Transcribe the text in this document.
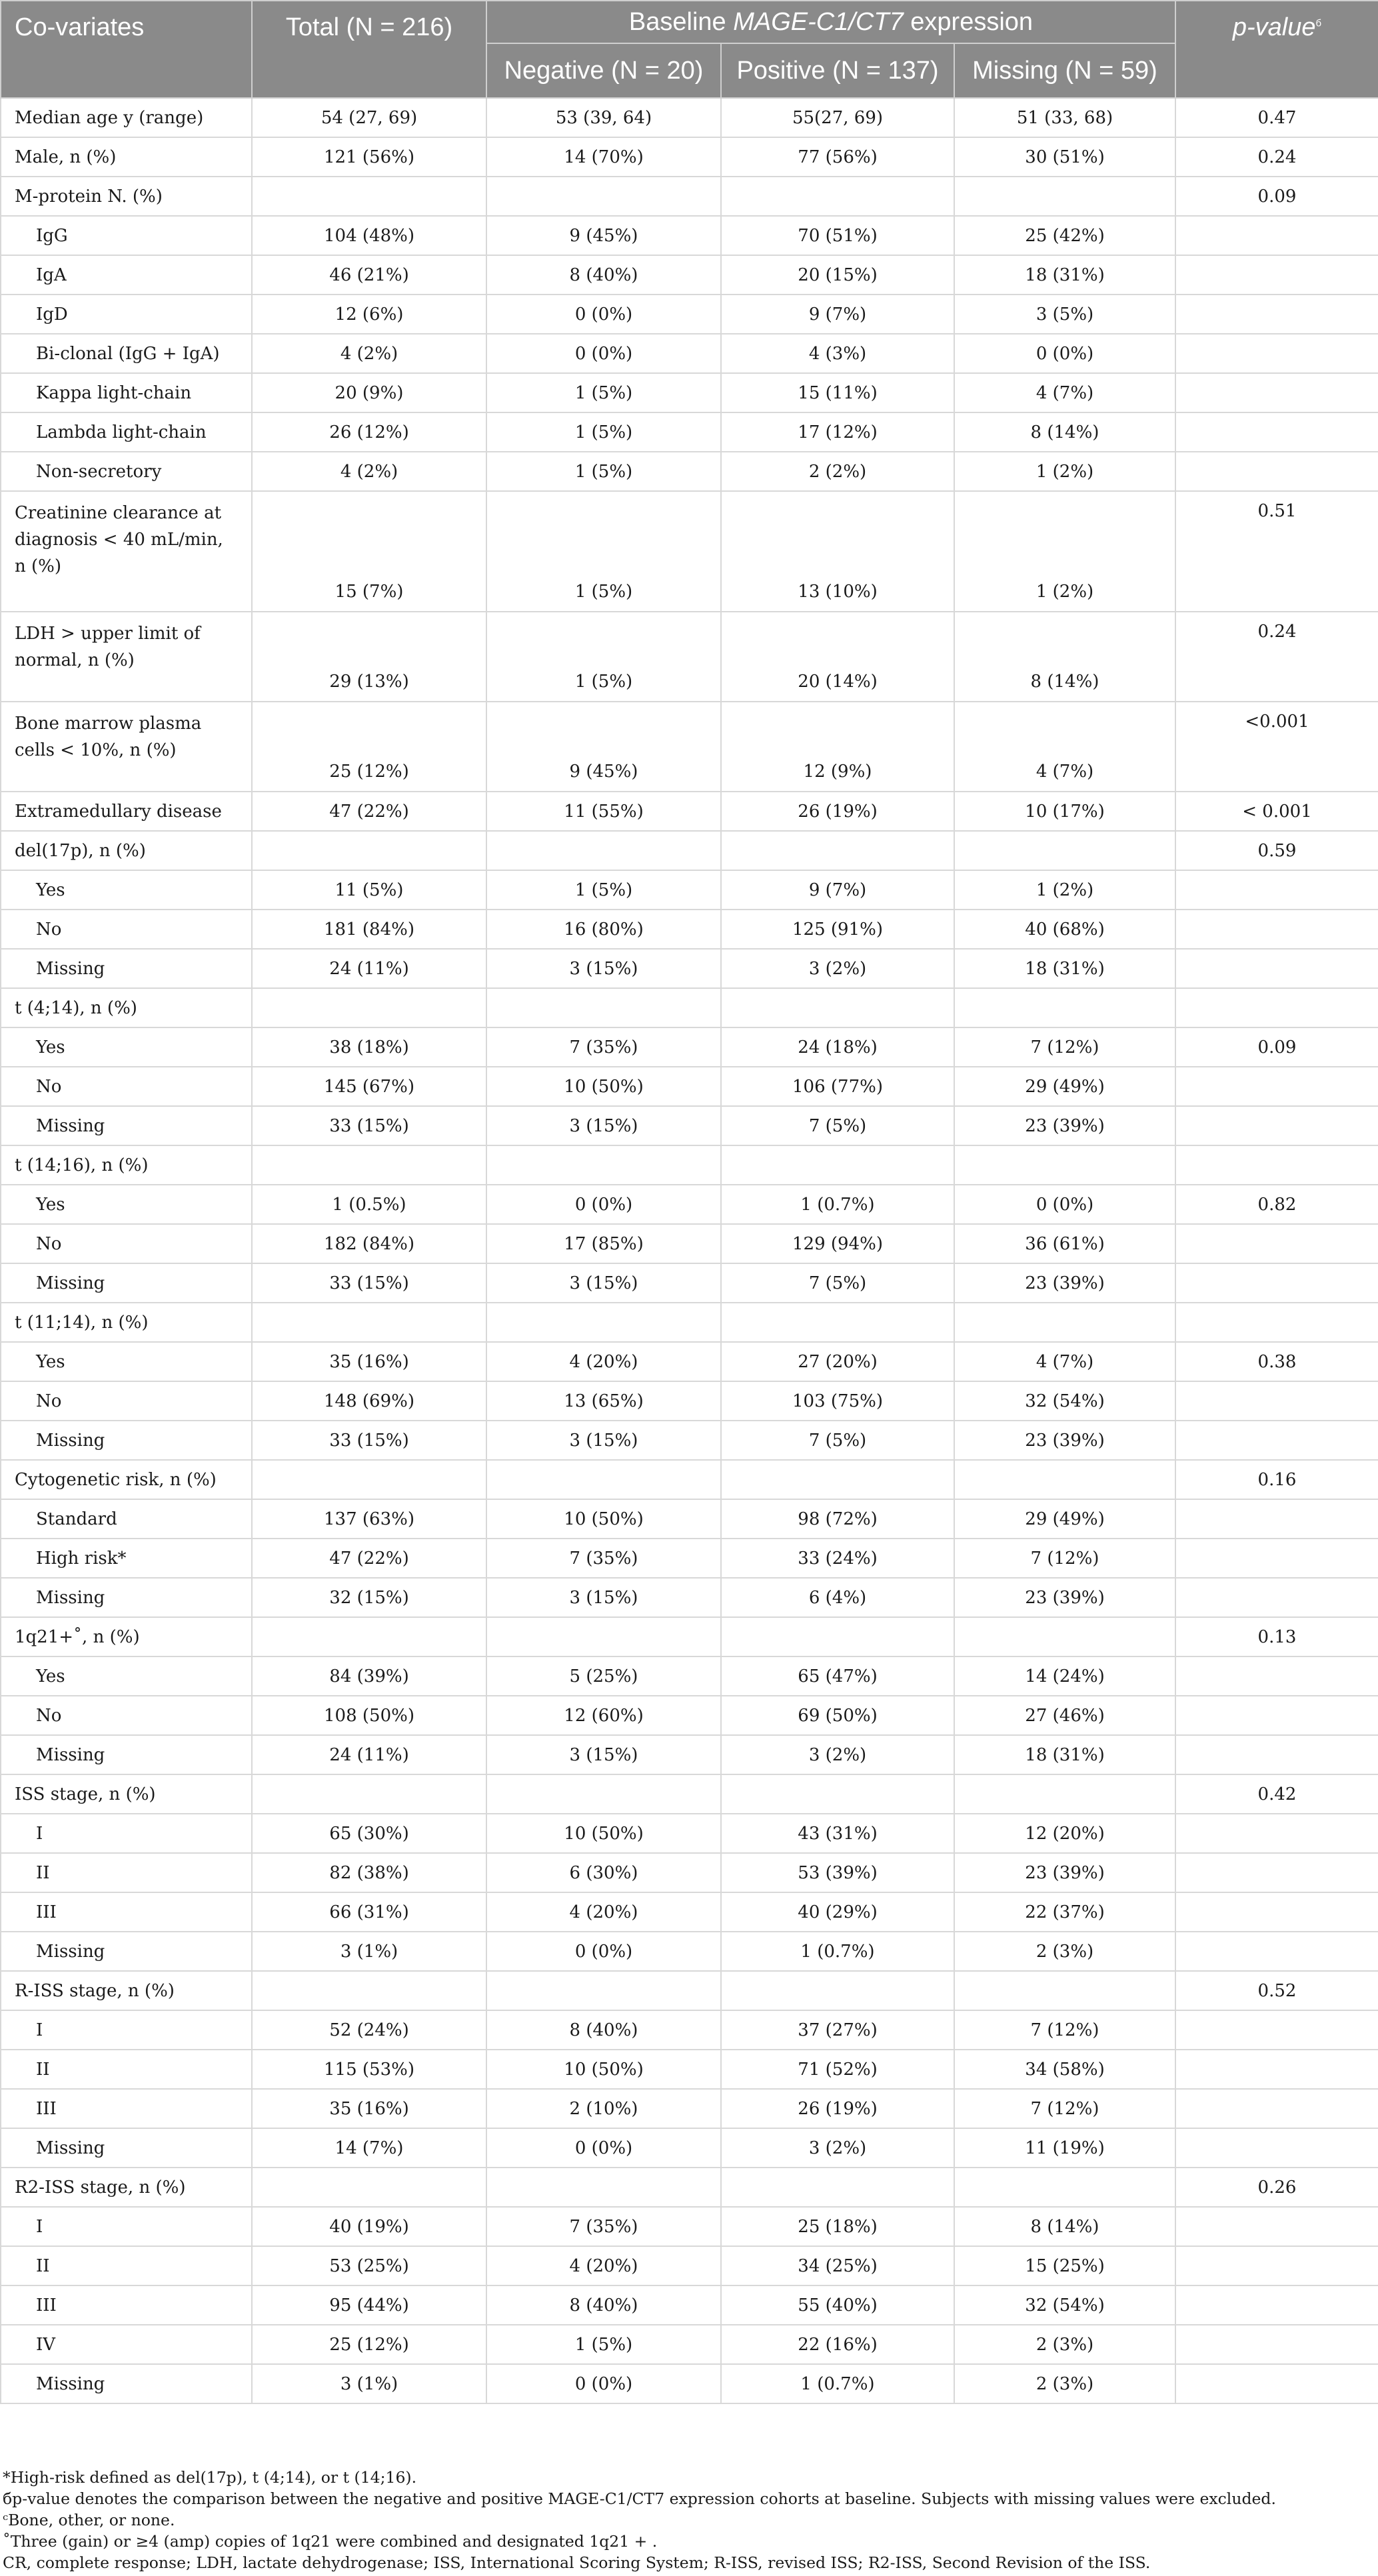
Co-variates	Total (N = 216)	Baseline MAGE-C1/CT7 expression			p-value$^б$
		Negative (N = 20)	Positive (N = 137)	Missing (N = 59)	
Median age y (range)	54 (27, 69)	53 (39, 64)	55(27, 69)	51 (33, 68)	0.47
Male, n (%)	121 (56%)	14 (70%)	77 (56%)	30 (51%)	0.24
M-protein N. (%)					0.09
IgG	104 (48%)	9 (45%)	70 (51%)	25 (42%)	
IgA	46 (21%)	8 (40%)	20 (15%)	18 (31%)	
IgD	12 (6%)	0 (0%)	9 (7%)	3 (5%)	
Bi-clonal (IgG + IgA)	4 (2%)	0 (0%)	4 (3%)	0 (0%)	
Kappa light-chain	20 (9%)	1 (5%)	15 (11%)	4 (7%)	
Lambda light-chain	26 (12%)	1 (5%)	17 (12%)	8 (14%)	
Non-secretory	4 (2%)	1 (5%)	2 (2%)	1 (2%)	
Creatinine clearance at diagnosis < 40 mL/min, n (%)	15 (7%)	1 (5%)	13 (10%)	1 (2%)	0.51
LDH > upper limit of normal, n (%)	29 (13%)	1 (5%)	20 (14%)	8 (14%)	0.24
Bone marrow plasma cells < 10%, n (%)	25 (12%)	9 (45%)	12 (9%)	4 (7%)	<0.001
Extramedullary disease	47 (22%)	11 (55%)	26 (19%)	10 (17%)	< 0.001
del(17p), n (%)					0.59
Yes	11 (5%)	1 (5%)	9 (7%)	1 (2%)	
No	181 (84%)	16 (80%)	125 (91%)	40 (68%)	
Missing	24 (11%)	3 (15%)	3 (2%)	18 (31%)	
t (4;14), n (%)					
Yes	38 (18%)	7 (35%)	24 (18%)	7 (12%)	0.09
No	145 (67%)	10 (50%)	106 (77%)	29 (49%)	
Missing	33 (15%)	3 (15%)	7 (5%)	23 (39%)	
t (14;16), n (%)					
Yes	1 (0.5%)	0 (0%)	1 (0.7%)	0 (0%)	0.82
No	182 (84%)	17 (85%)	129 (94%)	36 (61%)	
Missing	33 (15%)	3 (15%)	7 (5%)	23 (39%)	
t (11;14), n (%)					
Yes	35 (16%)	4 (20%)	27 (20%)	4 (7%)	0.38
No	148 (69%)	13 (65%)	103 (75%)	32 (54%)	
Missing	33 (15%)	3 (15%)	7 (5%)	23 (39%)	
Cytogenetic risk, n (%)					0.16
Standard	137 (63%)	10 (50%)	98 (72%)	29 (49%)	
High risk*	47 (22%)	7 (35%)	33 (24%)	7 (12%)	
Missing	32 (15%)	3 (15%)	6 (4%)	23 (39%)	
1q21+˚, n (%)					0.13
Yes	84 (39%)	5 (25%)	65 (47%)	14 (24%)	
No	108 (50%)	12 (60%)	69 (50%)	27 (46%)	
Missing	24 (11%)	3 (15%)	3 (2%)	18 (31%)	
ISS stage, n (%)					0.42
I	65 (30%)	10 (50%)	43 (31%)	12 (20%)	
II	82 (38%)	6 (30%)	53 (39%)	23 (39%)	
III	66 (31%)	4 (20%)	40 (29%)	22 (37%)	
Missing	3 (1%)	0 (0%)	1 (0.7%)	2 (3%)	
R-ISS stage, n (%)					0.52
I	52 (24%)	8 (40%)	37 (27%)	7 (12%)	
II	115 (53%)	10 (50%)	71 (52%)	34 (58%)	
III	35 (16%)	2 (10%)	26 (19%)	7 (12%)	
Missing	14 (7%)	0 (0%)	3 (2%)	11 (19%)	
R2-ISS stage, n (%)					0.26
I	40 (19%)	7 (35%)	25 (18%)	8 (14%)	
II	53 (25%)	4 (20%)	34 (25%)	15 (25%)	
III	95 (44%)	8 (40%)	55 (40%)	32 (54%)	
IV	25 (12%)	1 (5%)	22 (16%)	2 (3%)	
Missing	3 (1%)	0 (0%)	1 (0.7%)	2 (3%)	
*High-risk defined as del(17p), t (4;14), or t (14;16).
бp-value denotes the comparison between the negative and positive MAGE-C1/CT7 expression cohorts at baseline. Subjects with missing values were excluded.
ᶜBone, other, or none.
˚Three (gain) or ≥4 (amp) copies of 1q21 were combined and designated 1q21 + .
CR, complete response; LDH, lactate dehydrogenase; ISS, International Scoring System; R-ISS, revised ISS; R2-ISS, Second Revision of the ISS.
